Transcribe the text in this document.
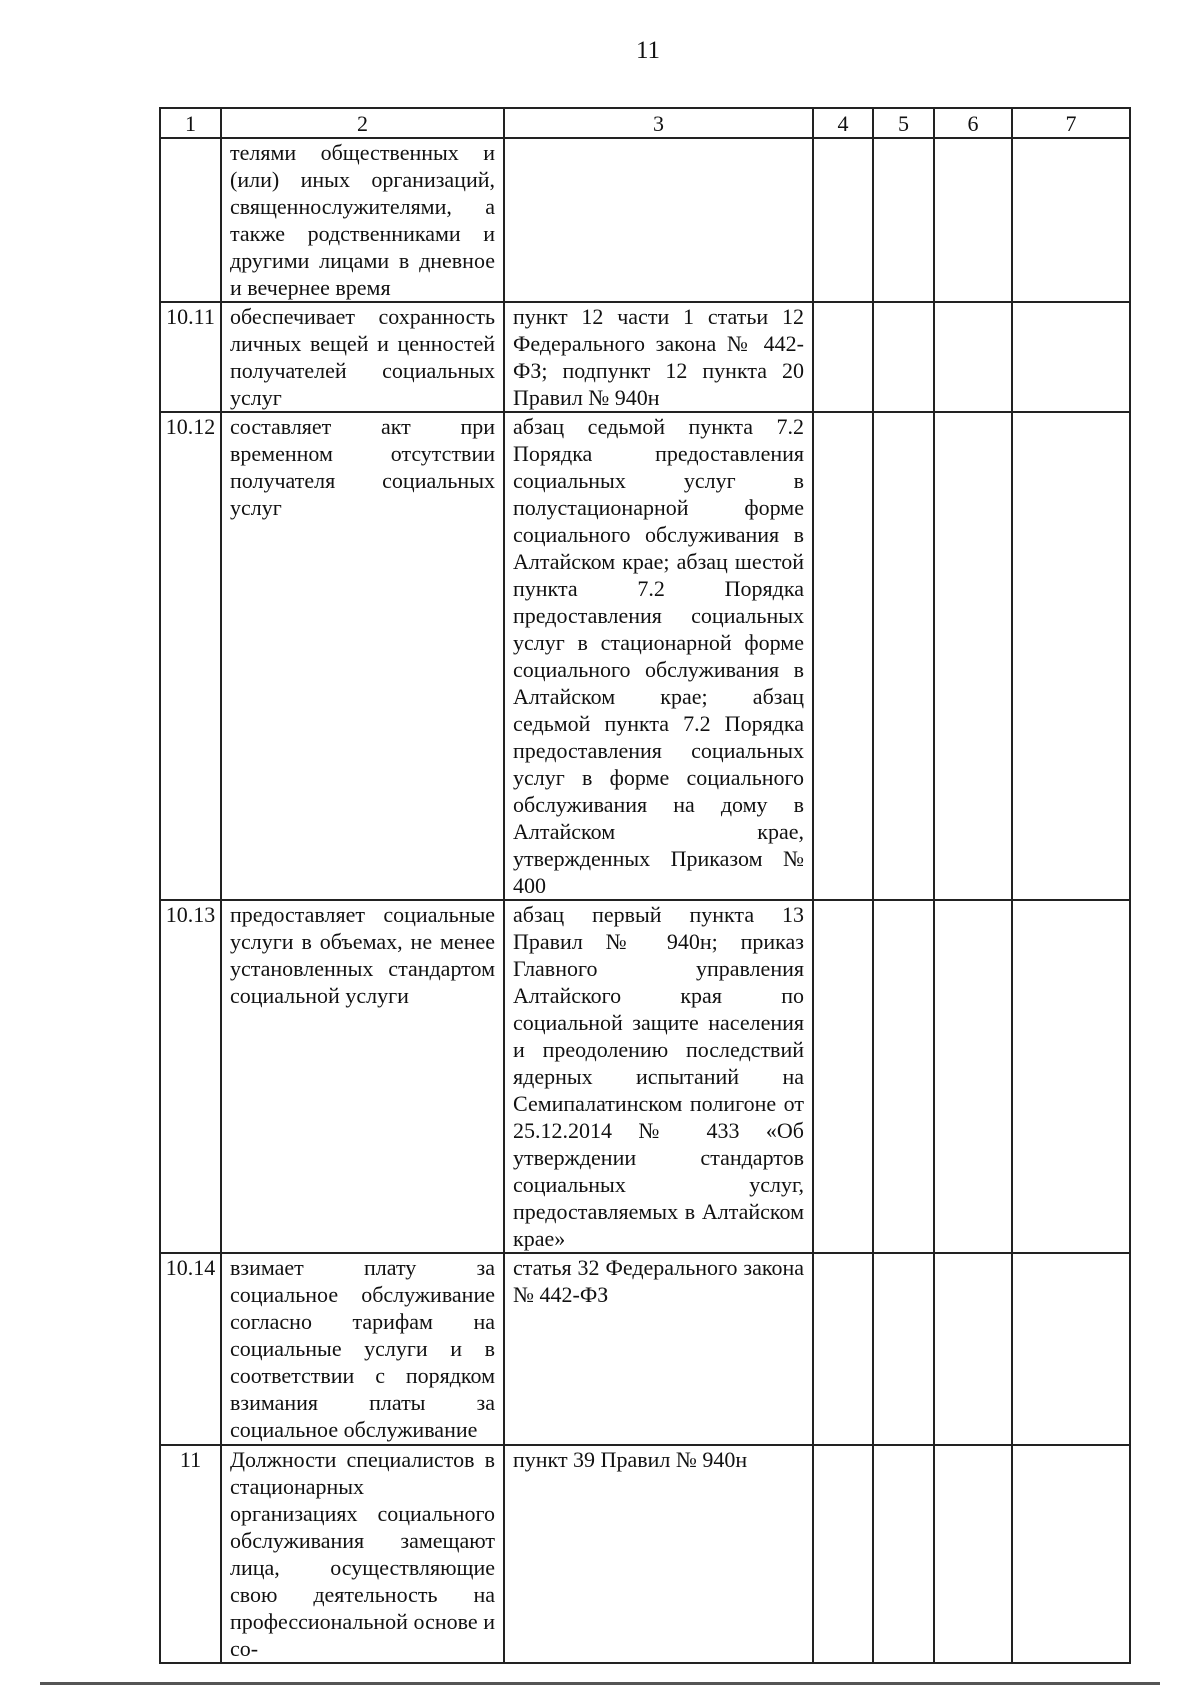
11
1	2	3	4	5	6	7
	телями общественных и (или) иных организаций, священнослужителями, а также родственниками и другими лицами в дневное и вечернее время					
10.11	обеспечивает сохранность личных вещей и ценностей получателей социальных услуг	пункт 12 части 1 статьи 12 Федерального закона № 442-ФЗ; подпункт 12 пункта 20 Правил № 940н				
10.12	составляет акт при временном отсутствии получателя социальных услуг	абзац седьмой пункта 7.2 Порядка предоставления социальных услуг в полустационарной форме социального обслуживания в Алтайском крае; абзац шестой пункта 7.2 Порядка предоставления социальных услуг в стационарной форме социального обслуживания в Алтайском крае; абзац седьмой пункта 7.2 Порядка предоставления социальных услуг в форме социального обслуживания на дому в Алтайском крае, утвержденных Приказом № 400				
10.13	предоставляет социальные услуги в объемах, не менее установленных стандартом социальной услуги	абзац первый пункта 13 Правил № 940н; приказ Главного управления Алтайского края по социальной защите населения и преодолению последствий ядерных испытаний на Семипалатинском полигоне от 25.12.2014 № 433 «Об утверждении стандартов социальных услуг, предоставляемых в Алтайском крае»				
10.14	взимает плату за социальное обслуживание согласно тарифам на социальные услуги и в соответствии с порядком взимания платы за социальное обслуживание	статья 32 Федерального закона № 442-ФЗ				
11	Должности специалистов в стационарных организациях социального обслуживания замещают лица, осуществляющие свою деятельность на профессиональной основе и со-	пункт 39 Правил № 940н				
